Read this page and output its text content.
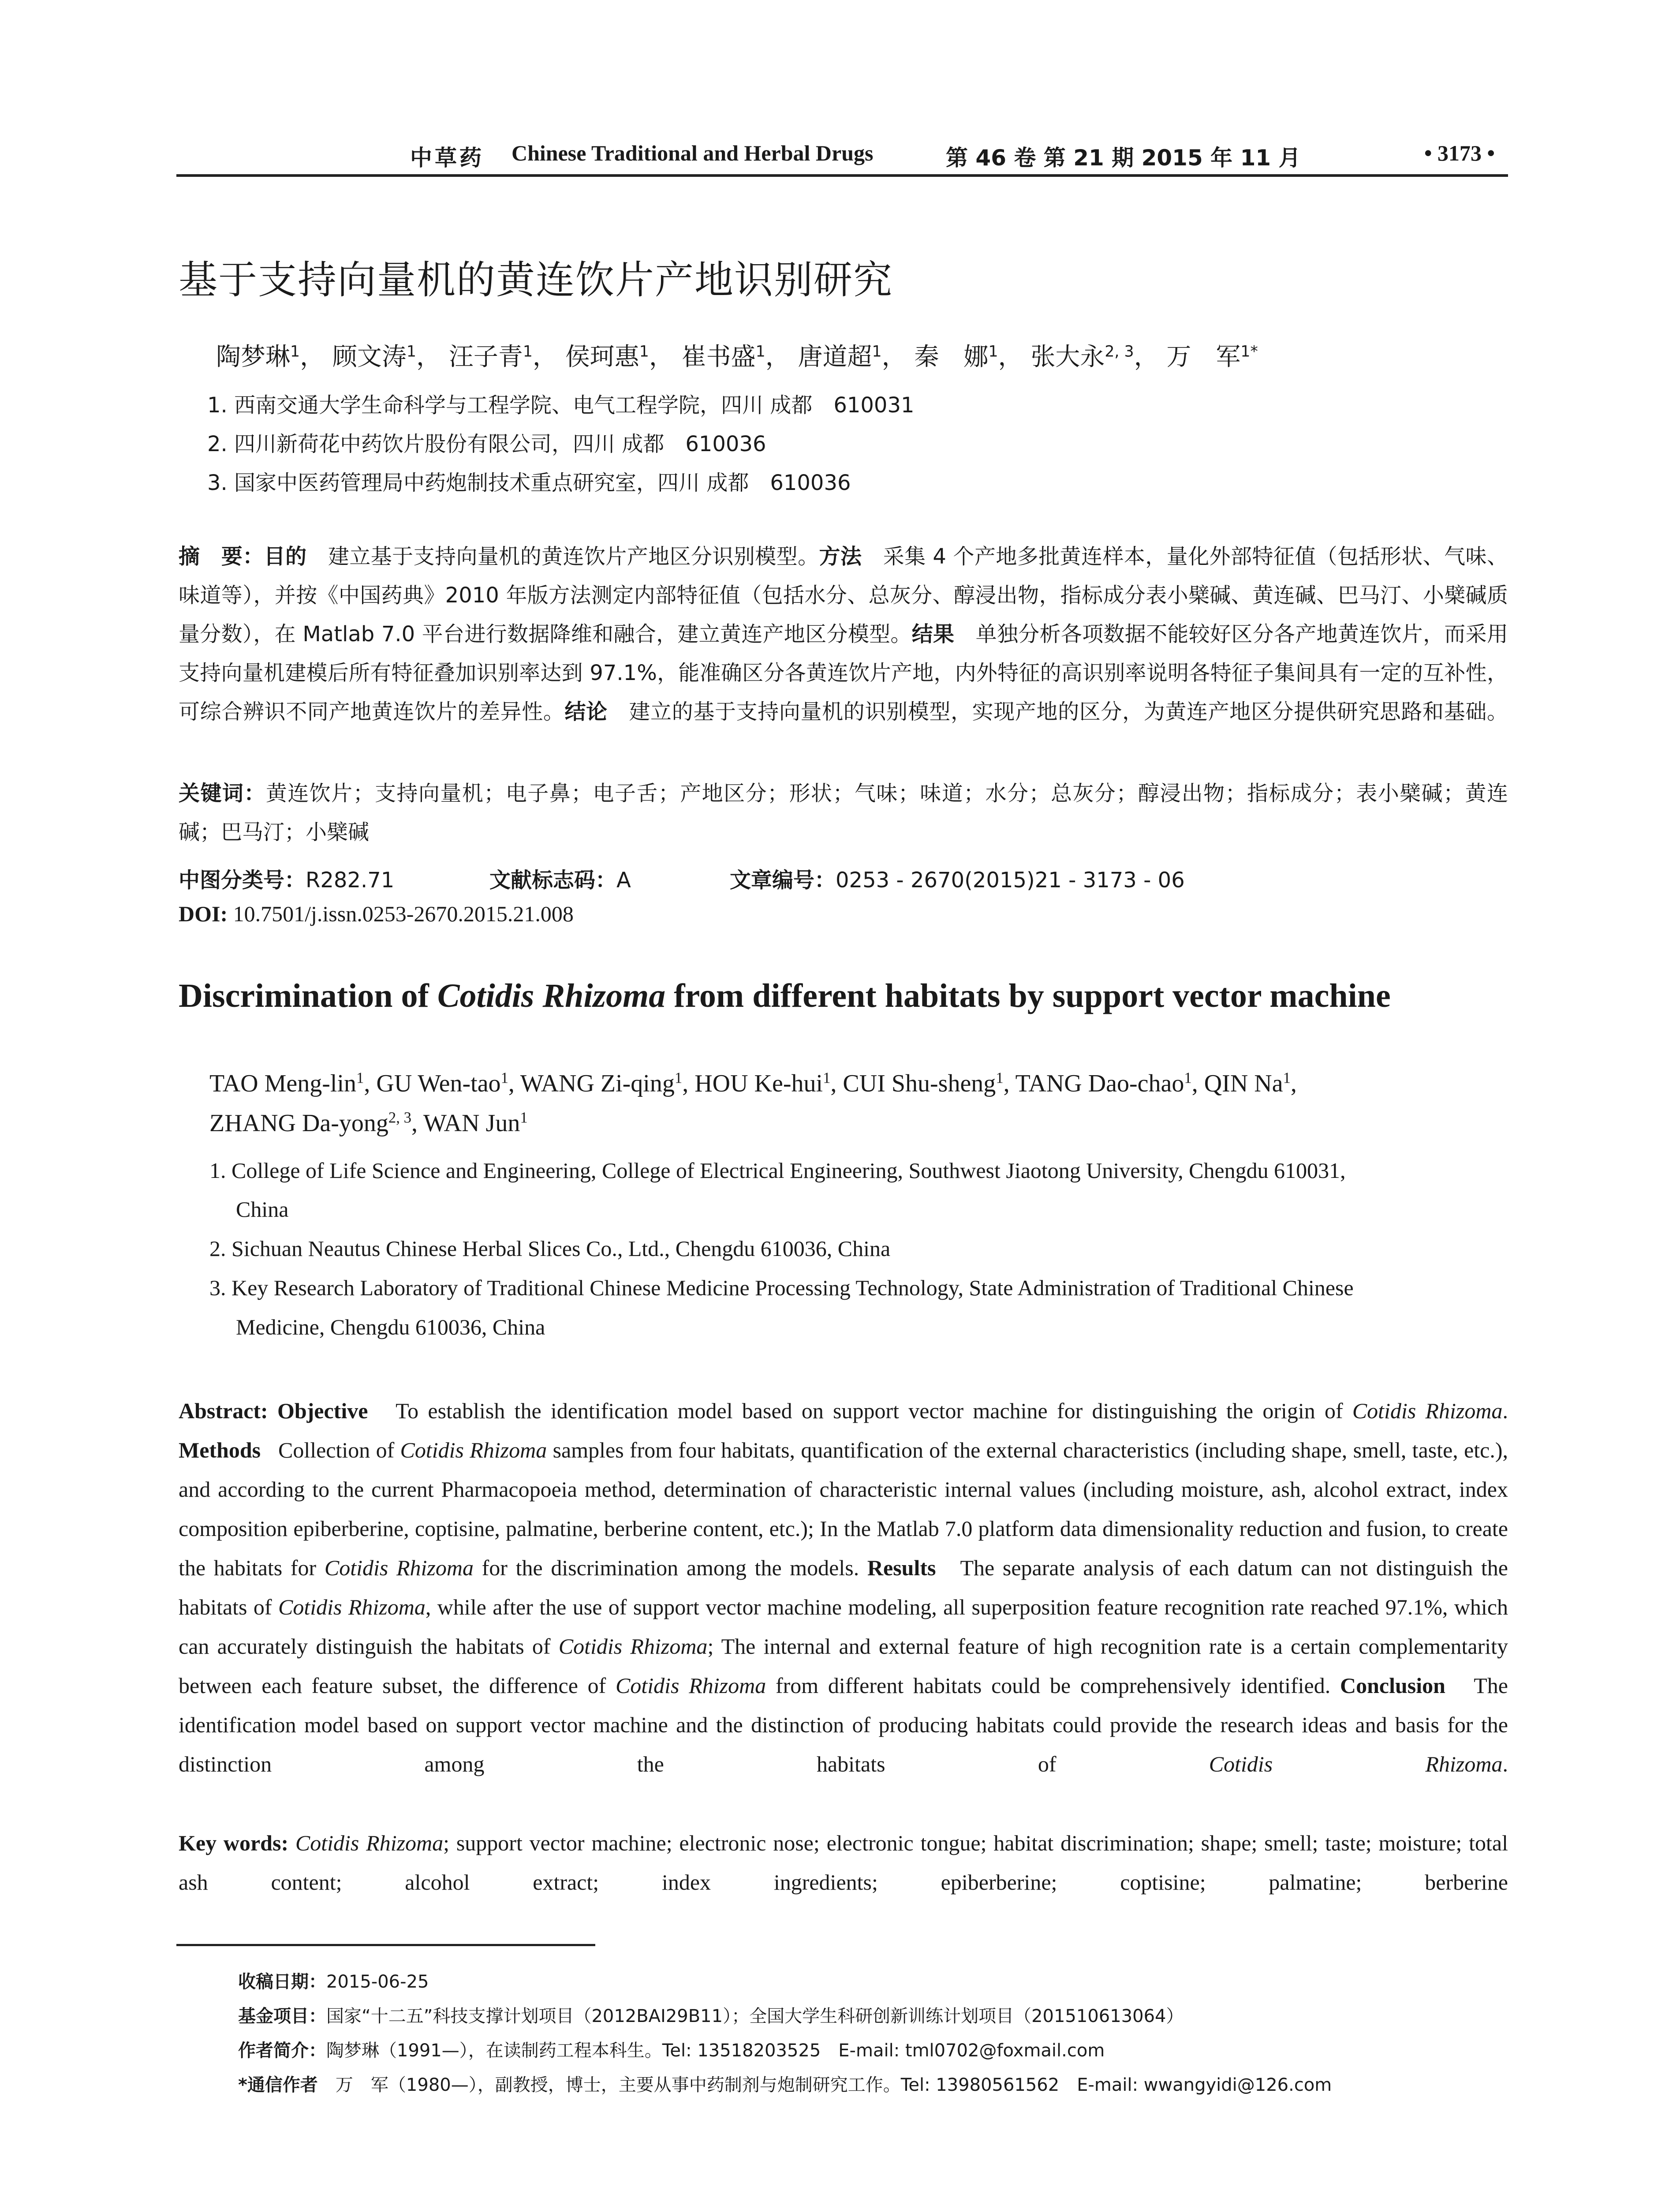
中草药 Chinese Traditional and Herbal Drugs	第 46 卷 第 21 期 2015 年 11 月	• 3173 •
基于支持向量机的黄连饮片产地识别研究
陶梦琳$^1$， 顾文涛$^1$， 汪子青$^1$， 侯珂惠$^1$， 崔书盛$^1$， 唐道超$^1$， 秦　娜$^1$， 张大永$^{2, 3}$， 万　军$^{1*}$
1. 西南交通大学生命科学与工程学院、电气工程学院，四川 成都　610031
2. 四川新荷花中药饮片股份有限公司，四川 成都　610036
3. 国家中医药管理局中药炮制技术重点研究室，四川 成都　610036

摘　要：目的　建立基于支持向量机的黄连饮片产地区分识别模型。方法　采集 4 个产地多批黄连样本，量化外部特征值（包括形状、气味、味道等），并按《中国药典》2010 年版方法测定内部特征值（包括水分、总灰分、醇浸出物，指标成分表小檗碱、黄连碱、巴马汀、小檗碱质量分数），在 Matlab 7.0 平台进行数据降维和融合，建立黄连产地区分模型。结果　单独分析各项数据不能较好区分各产地黄连饮片，而采用支持向量机建模后所有特征叠加识别率达到 97.1%，能准确区分各黄连饮片产地，内外特征的高识别率说明各特征子集间具有一定的互补性，可综合辨识不同产地黄连饮片的差异性。结论　建立的基于支持向量机的识别模型，实现产地的区分，为黄连产地区分提供研究思路和基础。

关键词：黄连饮片；支持向量机；电子鼻；电子舌；产地区分；形状；气味；味道；水分；总灰分；醇浸出物；指标成分；表小檗碱；黄连碱；巴马汀；小檗碱

中图分类号：R282.71	文献标志码：A	文章编号：0253 - 2670(2015)21 - 3173 - 06
DOI: 10.7501/j.issn.0253-2670.2015.21.008
Discrimination of Cotidis Rhizoma from different habitats by support vector machine
TAO Meng-lin$^1$, GU Wen-tao$^1$, WANG Zi-qing$^1$, HOU Ke-hui$^1$, CUI Shu-sheng$^1$, TANG Dao-chao$^1$, QIN Na$^1$,
ZHANG Da-yong$^{2, 3}$, WAN Jun$^1$
1. College of Life Science and Engineering, College of Electrical Engineering, Southwest Jiaotong University, Chengdu 610031,
China
2. Sichuan Neautus Chinese Herbal Slices Co., Ltd., Chengdu 610036, China
3. Key Research Laboratory of Traditional Chinese Medicine Processing Technology, State Administration of Traditional Chinese
Medicine, Chengdu 610036, China

Abstract: Objective To establish the identification model based on support vector machine for distinguishing the origin of Cotidis Rhizoma. Methods Collection of Cotidis Rhizoma samples from four habitats, quantification of the external characteristics (including shape, smell, taste, etc.), and according to the current Pharmacopoeia method, determination of characteristic internal values (including moisture, ash, alcohol extract, index composition epiberberine, coptisine, palmatine, berberine content, etc.); In the Matlab 7.0 platform data dimensionality reduction and fusion, to create the habitats for Cotidis Rhizoma for the discrimination among the models. Results The separate analysis of each datum can not distinguish the habitats of Cotidis Rhizoma, while after the use of support vector machine modeling, all superposition feature recognition rate reached 97.1%, which can accurately distinguish the habitats of Cotidis Rhizoma; The internal and external feature of high recognition rate is a certain complementarity between each feature subset, the difference of Cotidis Rhizoma from different habitats could be comprehensively identified. Conclusion The identification model based on support vector machine and the distinction of producing habitats could provide the research ideas and basis for the distinction among the habitats of Cotidis Rhizoma.

Key words: Cotidis Rhizoma; support vector machine; electronic nose; electronic tongue; habitat discrimination; shape; smell; taste; moisture; total ash content; alcohol extract; index ingredients; epiberberine; coptisine; palmatine; berberine

收稿日期：2015-06-25
基金项目：国家“十二五”科技支撑计划项目（2012BAI29B11）；全国大学生科研创新训练计划项目（201510613064）
作者简介：陶梦琳（1991—），在读制药工程本科生。Tel: 13518203525　E-mail: tml0702@foxmail.com
*通信作者　万　军（1980—），副教授，博士，主要从事中药制剂与炮制研究工作。Tel: 13980561562　E-mail: wwangyidi@126.com
